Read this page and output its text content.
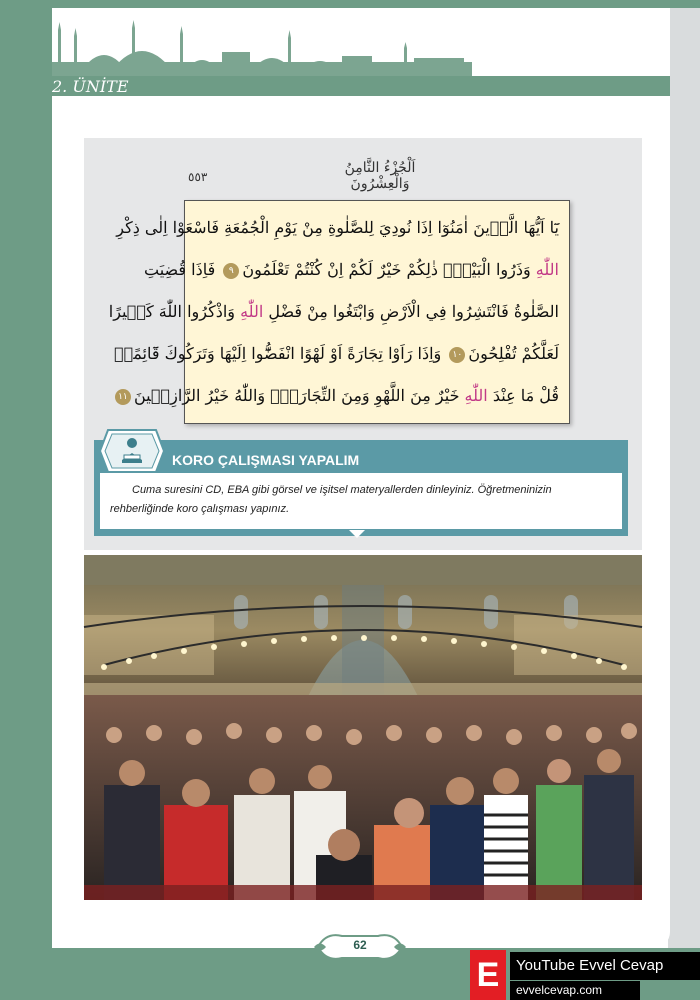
2. ÜNİTE
اَلْجُزْءُ الثَّامِنُ وَالْعِشْرُونَ
٥٥٣
يَٓا اَيُّهَا الَّذٖينَ اٰمَنُوٓا اِذَا نُودِيَ لِلصَّلٰوةِ مِنْ يَوْمِ الْجُمُعَةِ فَاسْعَوْا اِلٰى ذِكْرِ
اللّٰهِ وَذَرُوا الْبَيْعَۜ ذٰلِكُمْ خَيْرٌ لَكُمْ اِنْ كُنْتُمْ تَعْلَمُونَ٩ فَاِذَا قُضِيَتِ
الصَّلٰوةُ فَانْتَشِرُوا فِي الْاَرْضِ وَابْتَغُوا مِنْ فَضْلِ اللّٰهِ وَاذْكُرُوا اللّٰهَ كَثٖيرًا
لَعَلَّكُمْ تُفْلِحُونَ١٠ وَاِذَا رَاَوْا تِجَارَةً اَوْ لَهْوًا انْفَضُّٓوا اِلَيْهَا وَتَرَكُوكَ قَٓائِمًاۜ
قُلْ مَا عِنْدَ اللّٰهِ خَيْرٌ مِنَ اللَّهْوِ وَمِنَ التِّجَارَةِۜ وَاللّٰهُ خَيْرُ الرَّازِقٖينَ١١
KORO ÇALIŞMASI YAPALIM
Cuma suresini CD, EBA gibi görsel ve işitsel materyallerden dinleyiniz. Öğretmeninizin rehberliğinde koro çalışması yapınız.
62
E	YouTube Evvel Cevap
evvelcevap.com
